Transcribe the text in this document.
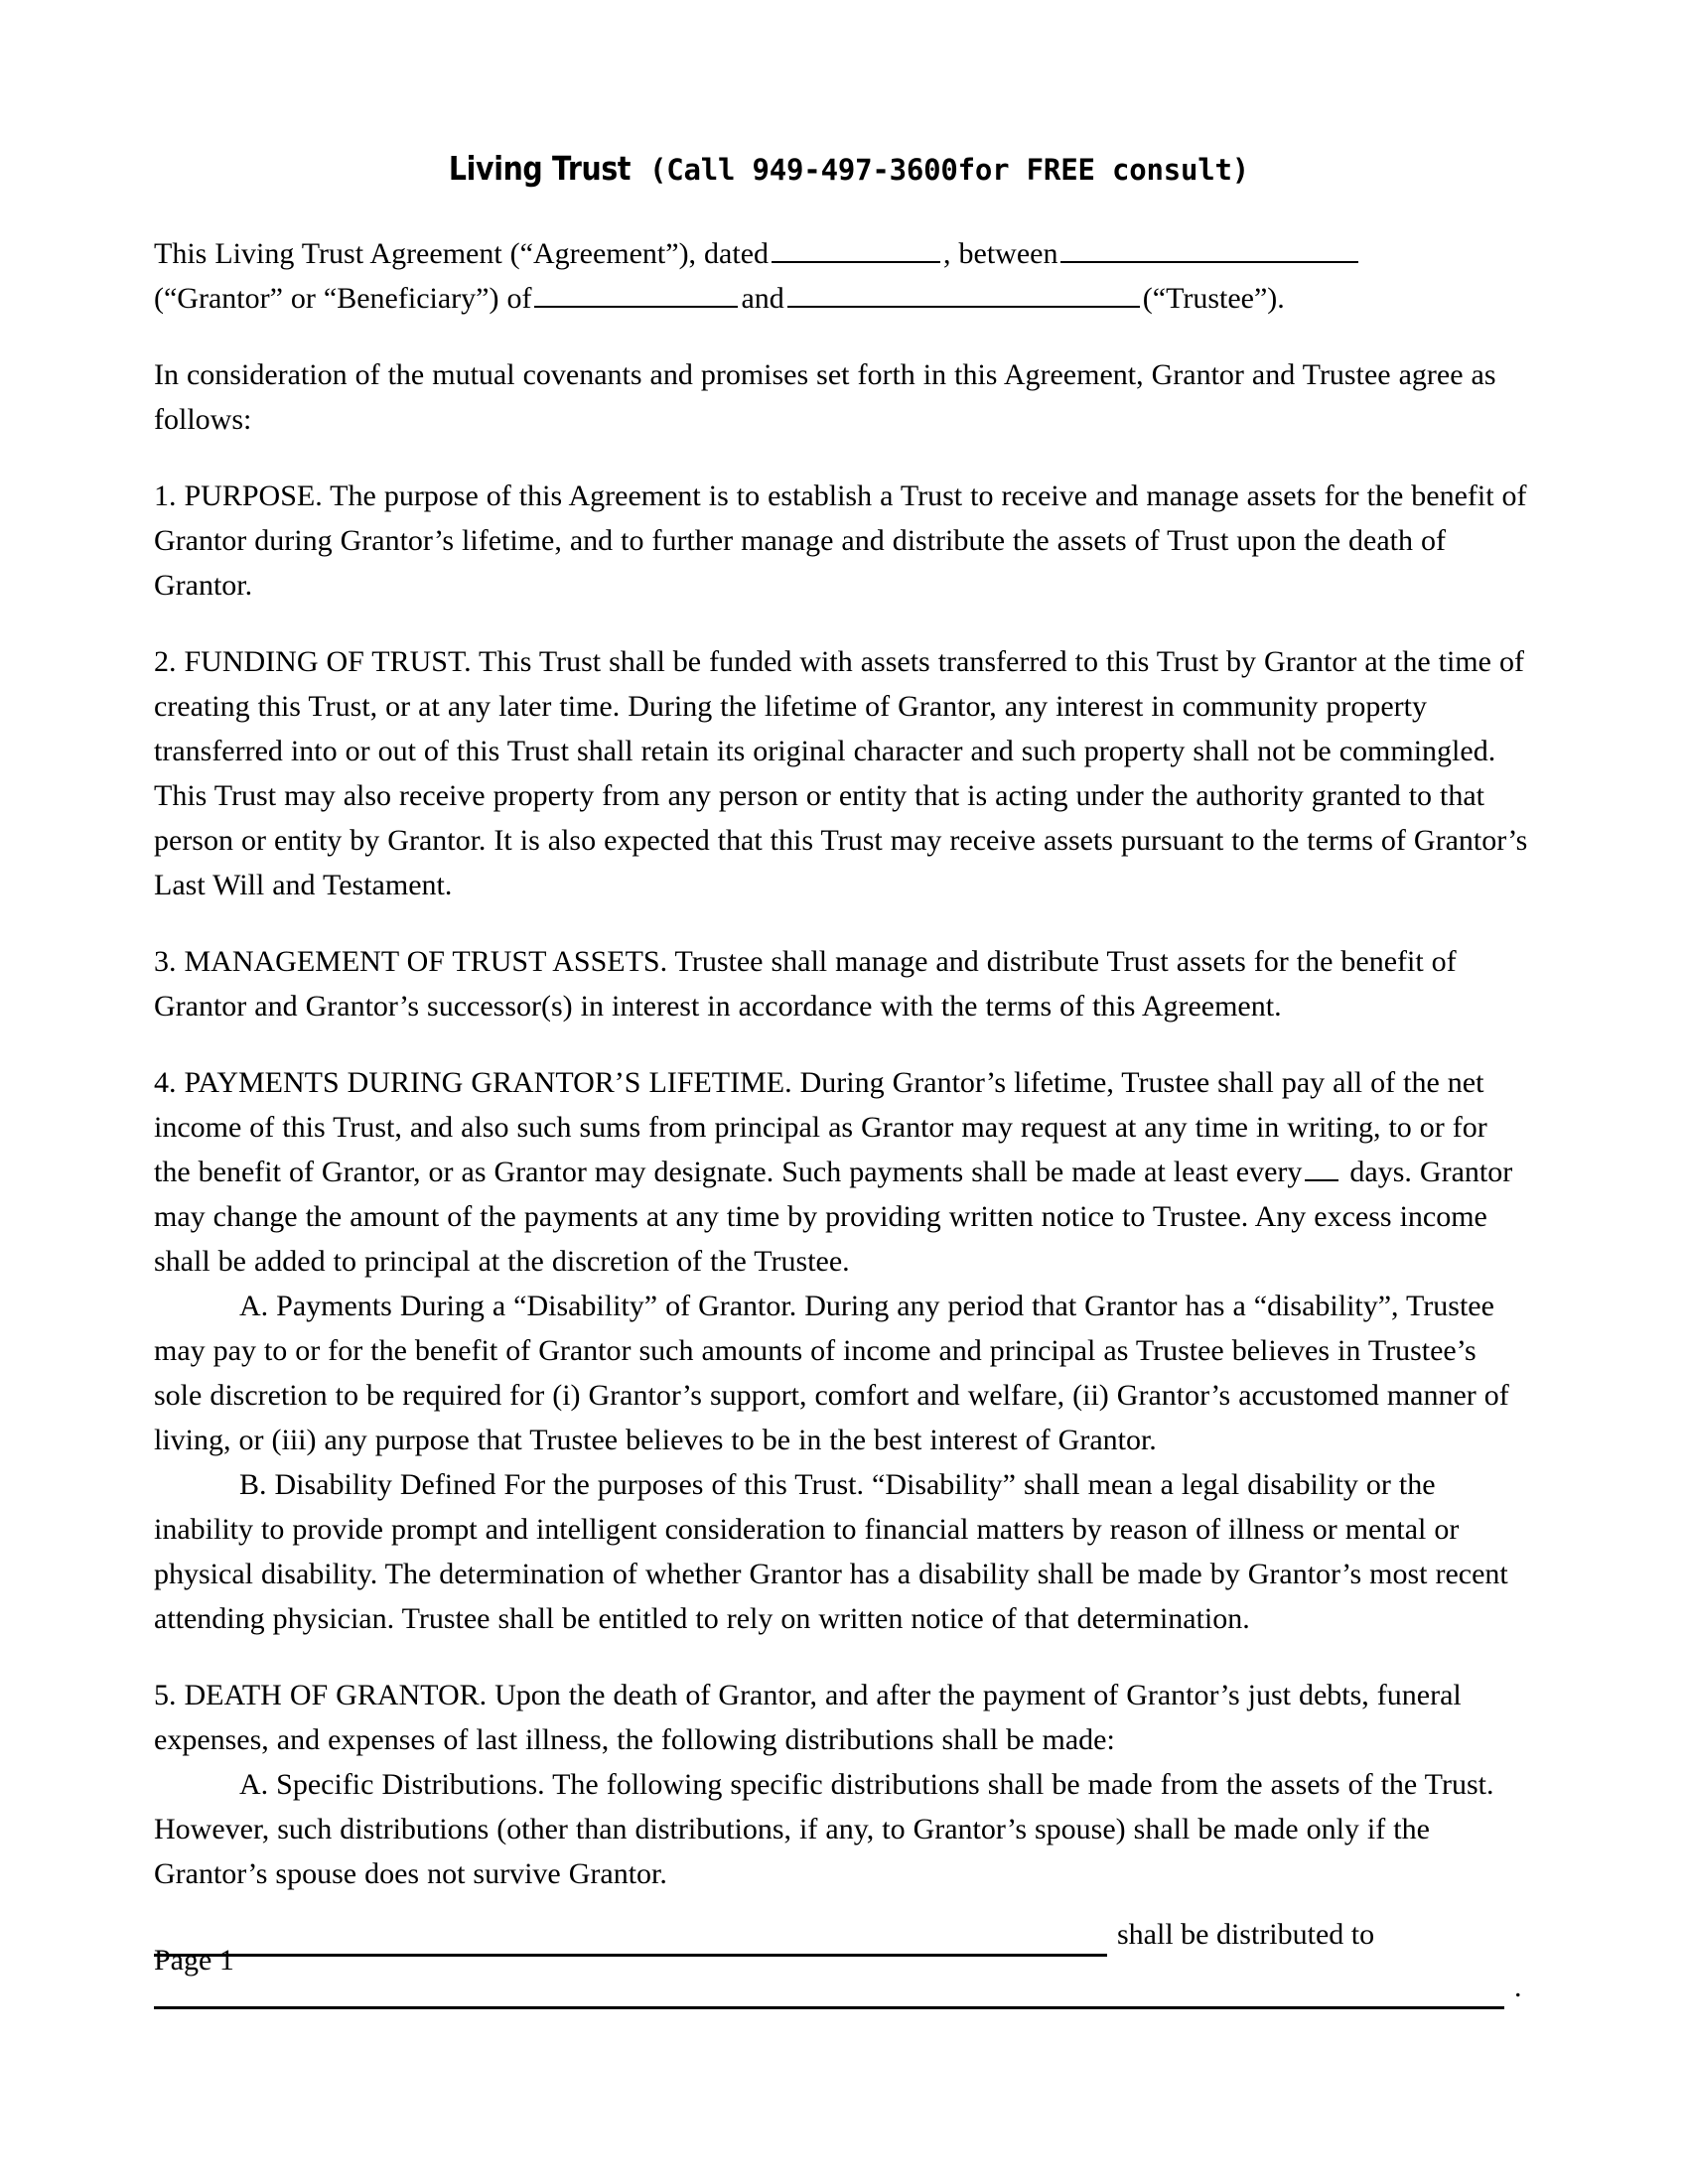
Living Trust (Call 949-497-3600for FREE consult)

This Living Trust Agreement (“Agreement”), dated	, between

(“Grantor” or “Beneficiary”) of	and	(“Trustee”).

In consideration of the mutual covenants and promises set forth in this Agreement, Grantor and Trustee agree as follows:

1. PURPOSE. The purpose of this Agreement is to establish a Trust to receive and manage assets for the benefit of Grantor during Grantor’s lifetime, and to further manage and distribute the assets of Trust upon the death of Grantor.

2. FUNDING OF TRUST. This Trust shall be funded with assets transferred to this Trust by Grantor at the time of creating this Trust, or at any later time. During the lifetime of Grantor, any interest in community property transferred into or out of this Trust shall retain its original character and such property shall not be commingled. This Trust may also receive property from any person or entity that is acting under the authority granted to that person or entity by Grantor. It is also expected that this Trust may receive assets pursuant to the terms of Grantor’s Last Will and Testament.

3. MANAGEMENT OF TRUST ASSETS. Trustee shall manage and distribute Trust assets for the benefit of Grantor and Grantor’s successor(s) in interest in accordance with the terms of this Agreement.

4. PAYMENTS DURING GRANTOR’S LIFETIME. During Grantor’s lifetime, Trustee shall pay all of the net income of this Trust, and also such sums from principal as Grantor may request at any time in writing, to or for the benefit of Grantor, or as Grantor may designate. Such payments shall be made at least every days. Grantor may change the amount of the payments at any time by providing written notice to Trustee. Any excess income shall be added to principal at the discretion of the Trustee.

A. Payments During a “Disability” of Grantor. During any period that Grantor has a “disability”, Trustee may pay to or for the benefit of Grantor such amounts of income and principal as Trustee believes in Trustee’s sole discretion to be required for (i) Grantor’s support, comfort and welfare, (ii) Grantor’s accustomed manner of living, or (iii) any purpose that Trustee believes to be in the best interest of Grantor.

B. Disability Defined For the purposes of this Trust. “Disability” shall mean a legal disability or the inability to provide prompt and intelligent consideration to financial matters by reason of illness or mental or physical disability. The determination of whether Grantor has a disability shall be made by Grantor’s most recent attending physician. Trustee shall be entitled to rely on written notice of that determination.

5. DEATH OF GRANTOR. Upon the death of Grantor, and after the payment of Grantor’s just debts, funeral expenses, and expenses of last illness, the following distributions shall be made:

A. Specific Distributions. The following specific distributions shall be made from the assets of the Trust. However, such distributions (other than distributions, if any, to Grantor’s spouse) shall be made only if the Grantor’s spouse does not survive Grantor.

shall be distributed to
.
Page 1
